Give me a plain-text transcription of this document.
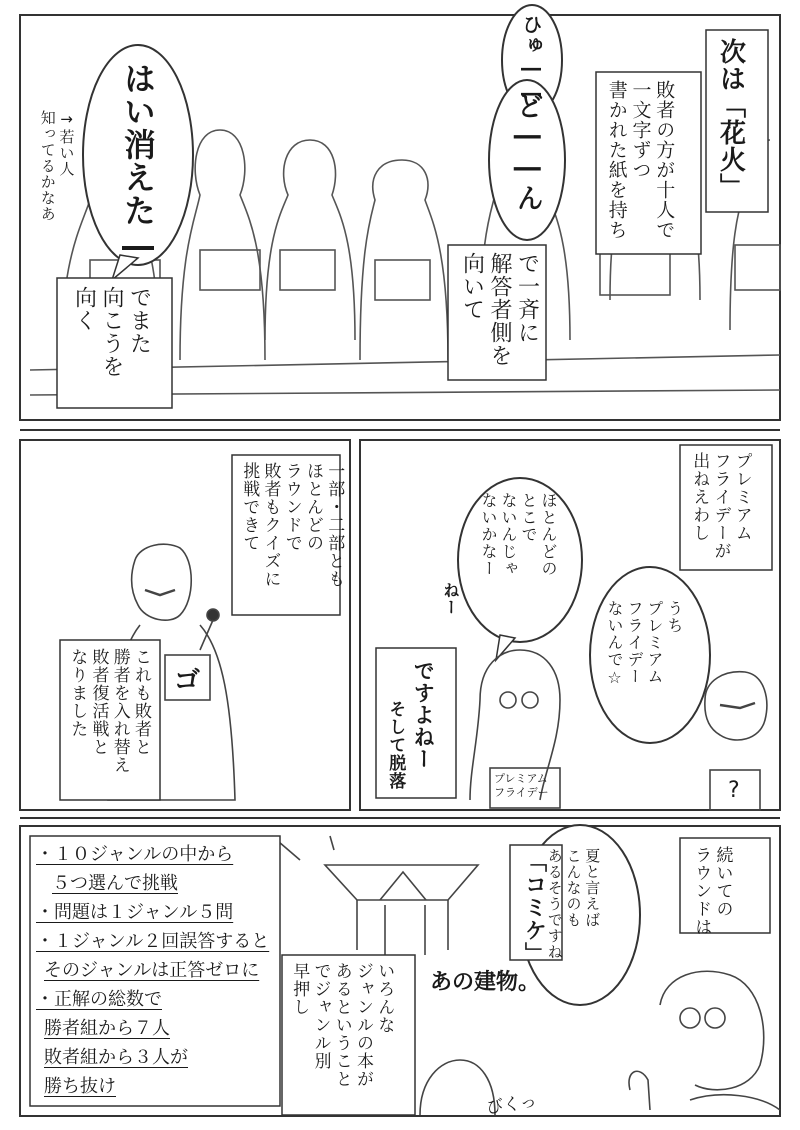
次は「花火」
敗者の方が十人で
一文字ずつ
書かれた紙を持ち
ひゅ――
ど――ん
はい消えた―
→若い人
知ってるかなあ
で一斉に
解答者側を
向いて
でまた
向こうを
向く
一部・二部とも
ほとんどの
ラウンドで
敗者もクイズに
挑戦できて
これも敗者と
勝者を入れ替え
敗者復活戦と
なりました	ゴ
プレミアム
フライデーが
出ねえわし
ほとんどの
とこで
ないんじゃ
ないかなー
ねー
うち
プレミアム
フライデー
ないんで☆
ですよねー
そして脱落	プレミアム
フライデー	?
・１０ジャンルの中から
５つ選んで挑戦
・問題は１ジャンル５問
・１ジャンル２回誤答すると
そのジャンルは正答ゼロに
・正解の総数で
勝者組から７人
敗者組から３人が
勝ち抜け
続いての
ラウンドは
「コミケ」	夏と言えば
こんなのも
あるそうですね
あの建物。
いろんな
ジャンルの本が
あるということ
でジャンル別
早押し
びくっ
